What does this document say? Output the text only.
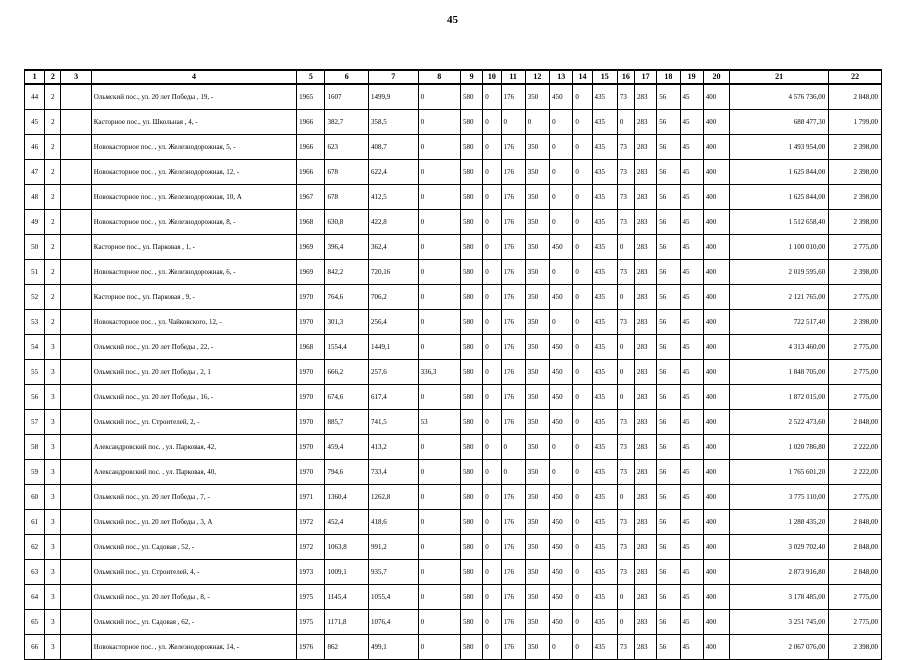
45
1	2	3	4	5	6	7	8	9	10	11	12	13	14	15	16	17	18	19	20	21	22
44	2		Ольмский пос., ул. 20 лет Победы , 19, -	1965	1607	1499,9	0	580	0	176	350	450	0	435	73	283	56	45	400	4 576 736,00	2 848,00
45	2		Касторное пос., ул. Школьная , 4, -	1966	382,7	358,5	0	580	0	0	0	0	0	435	0	283	56	45	400	688 477,30	1 799,00
46	2		Новокасторное пос. , ул. Железнодорожная, 5, -	1966	623	408,7	0	580	0	176	350	0	0	435	73	283	56	45	400	1 493 954,00	2 398,00
47	2		Новокасторное пос. , ул. Железнодорожная, 12, -	1966	678	622,4	0	580	0	176	350	0	0	435	73	283	56	45	400	1 625 844,00	2 398,00
48	2		Новокасторное пос. , ул. Железнодорожная, 10, А	1967	678	412,5	0	580	0	176	350	0	0	435	73	283	56	45	400	1 625 844,00	2 398,00
49	2		Новокасторное пос. , ул. Железнодорожная, 8, -	1968	630,8	422,8	0	580	0	176	350	0	0	435	73	283	56	45	400	1 512 658,40	2 398,00
50	2		Касторное пос., ул. Парковая , 1, -	1969	396,4	362,4	0	580	0	176	350	450	0	435	0	283	56	45	400	1 100 010,00	2 775,00
51	2		Новокасторное пос. , ул. Железнодорожная, 6, -	1969	842,2	720,16	0	580	0	176	350	0	0	435	73	283	56	45	400	2 019 595,60	2 398,00
52	2		Касторное пос., ул. Парковая , 9, -	1970	764,6	706,2	0	580	0	176	350	450	0	435	0	283	56	45	400	2 121 765,00	2 775,00
53	2		Новокасторное пос. , ул. Чайковского, 12, -	1970	301,3	256,4	0	580	0	176	350	0	0	435	73	283	56	45	400	722 517,40	2 398,00
54	3		Ольмский пос., ул. 20 лет Победы , 22, -	1968	1554,4	1449,1	0	580	0	176	350	450	0	435	0	283	56	45	400	4 313 460,00	2 775,00
55	3		Ольмский пос., ул. 20 лет Победы , 2, 1	1970	666,2	257,6	336,3	580	0	176	350	450	0	435	0	283	56	45	400	1 848 705,00	2 775,00
56	3		Ольмский пос., ул. 20 лет Победы , 16, -	1970	674,6	617,4	0	580	0	176	350	450	0	435	0	283	56	45	400	1 872 015,00	2 775,00
57	3		Ольмский пос., ул. Строителей, 2, -	1970	885,7	741,5	53	580	0	176	350	450	0	435	73	283	56	45	400	2 522 473,60	2 848,00
58	3		Александровский пос. , ул. Парковая, 42,	1970	459,4	413,2	0	580	0	0	350	0	0	435	73	283	56	45	400	1 020 786,80	2 222,00
59	3		Александровский пос. , ул. Парковая, 40,	1970	794,6	733,4	0	580	0	0	350	0	0	435	73	283	56	45	400	1 765 601,20	2 222,00
60	3		Ольмский пос., ул. 20 лет Победы , 7, -	1971	1360,4	1262,8	0	580	0	176	350	450	0	435	0	283	56	45	400	3 775 110,00	2 775,00
61	3		Ольмский пос., ул. 20 лет Победы , 3, А	1972	452,4	418,6	0	580	0	176	350	450	0	435	73	283	56	45	400	1 288 435,20	2 848,00
62	3		Ольмский пос., ул. Садовая , 52, -	1972	1063,8	991,2	0	580	0	176	350	450	0	435	73	283	56	45	400	3 029 702,40	2 848,00
63	3		Ольмский пос., ул. Строителей, 4, -	1973	1009,1	935,7	0	580	0	176	350	450	0	435	73	283	56	45	400	2 873 916,80	2 848,00
64	3		Ольмский пос., ул. 20 лет Победы , 8, -	1975	1145,4	1055,4	0	580	0	176	350	450	0	435	0	283	56	45	400	3 178 485,00	2 775,00
65	3		Ольмский пос., ул. Садовая , 62, -	1975	1171,8	1076,4	0	580	0	176	350	450	0	435	0	283	56	45	400	3 251 745,00	2 775,00
66	3		Новокасторное пос. , ул. Железнодорожная, 14, -	1976	862	499,1	0	580	0	176	350	0	0	435	73	283	56	45	400	2 067 076,00	2 398,00
